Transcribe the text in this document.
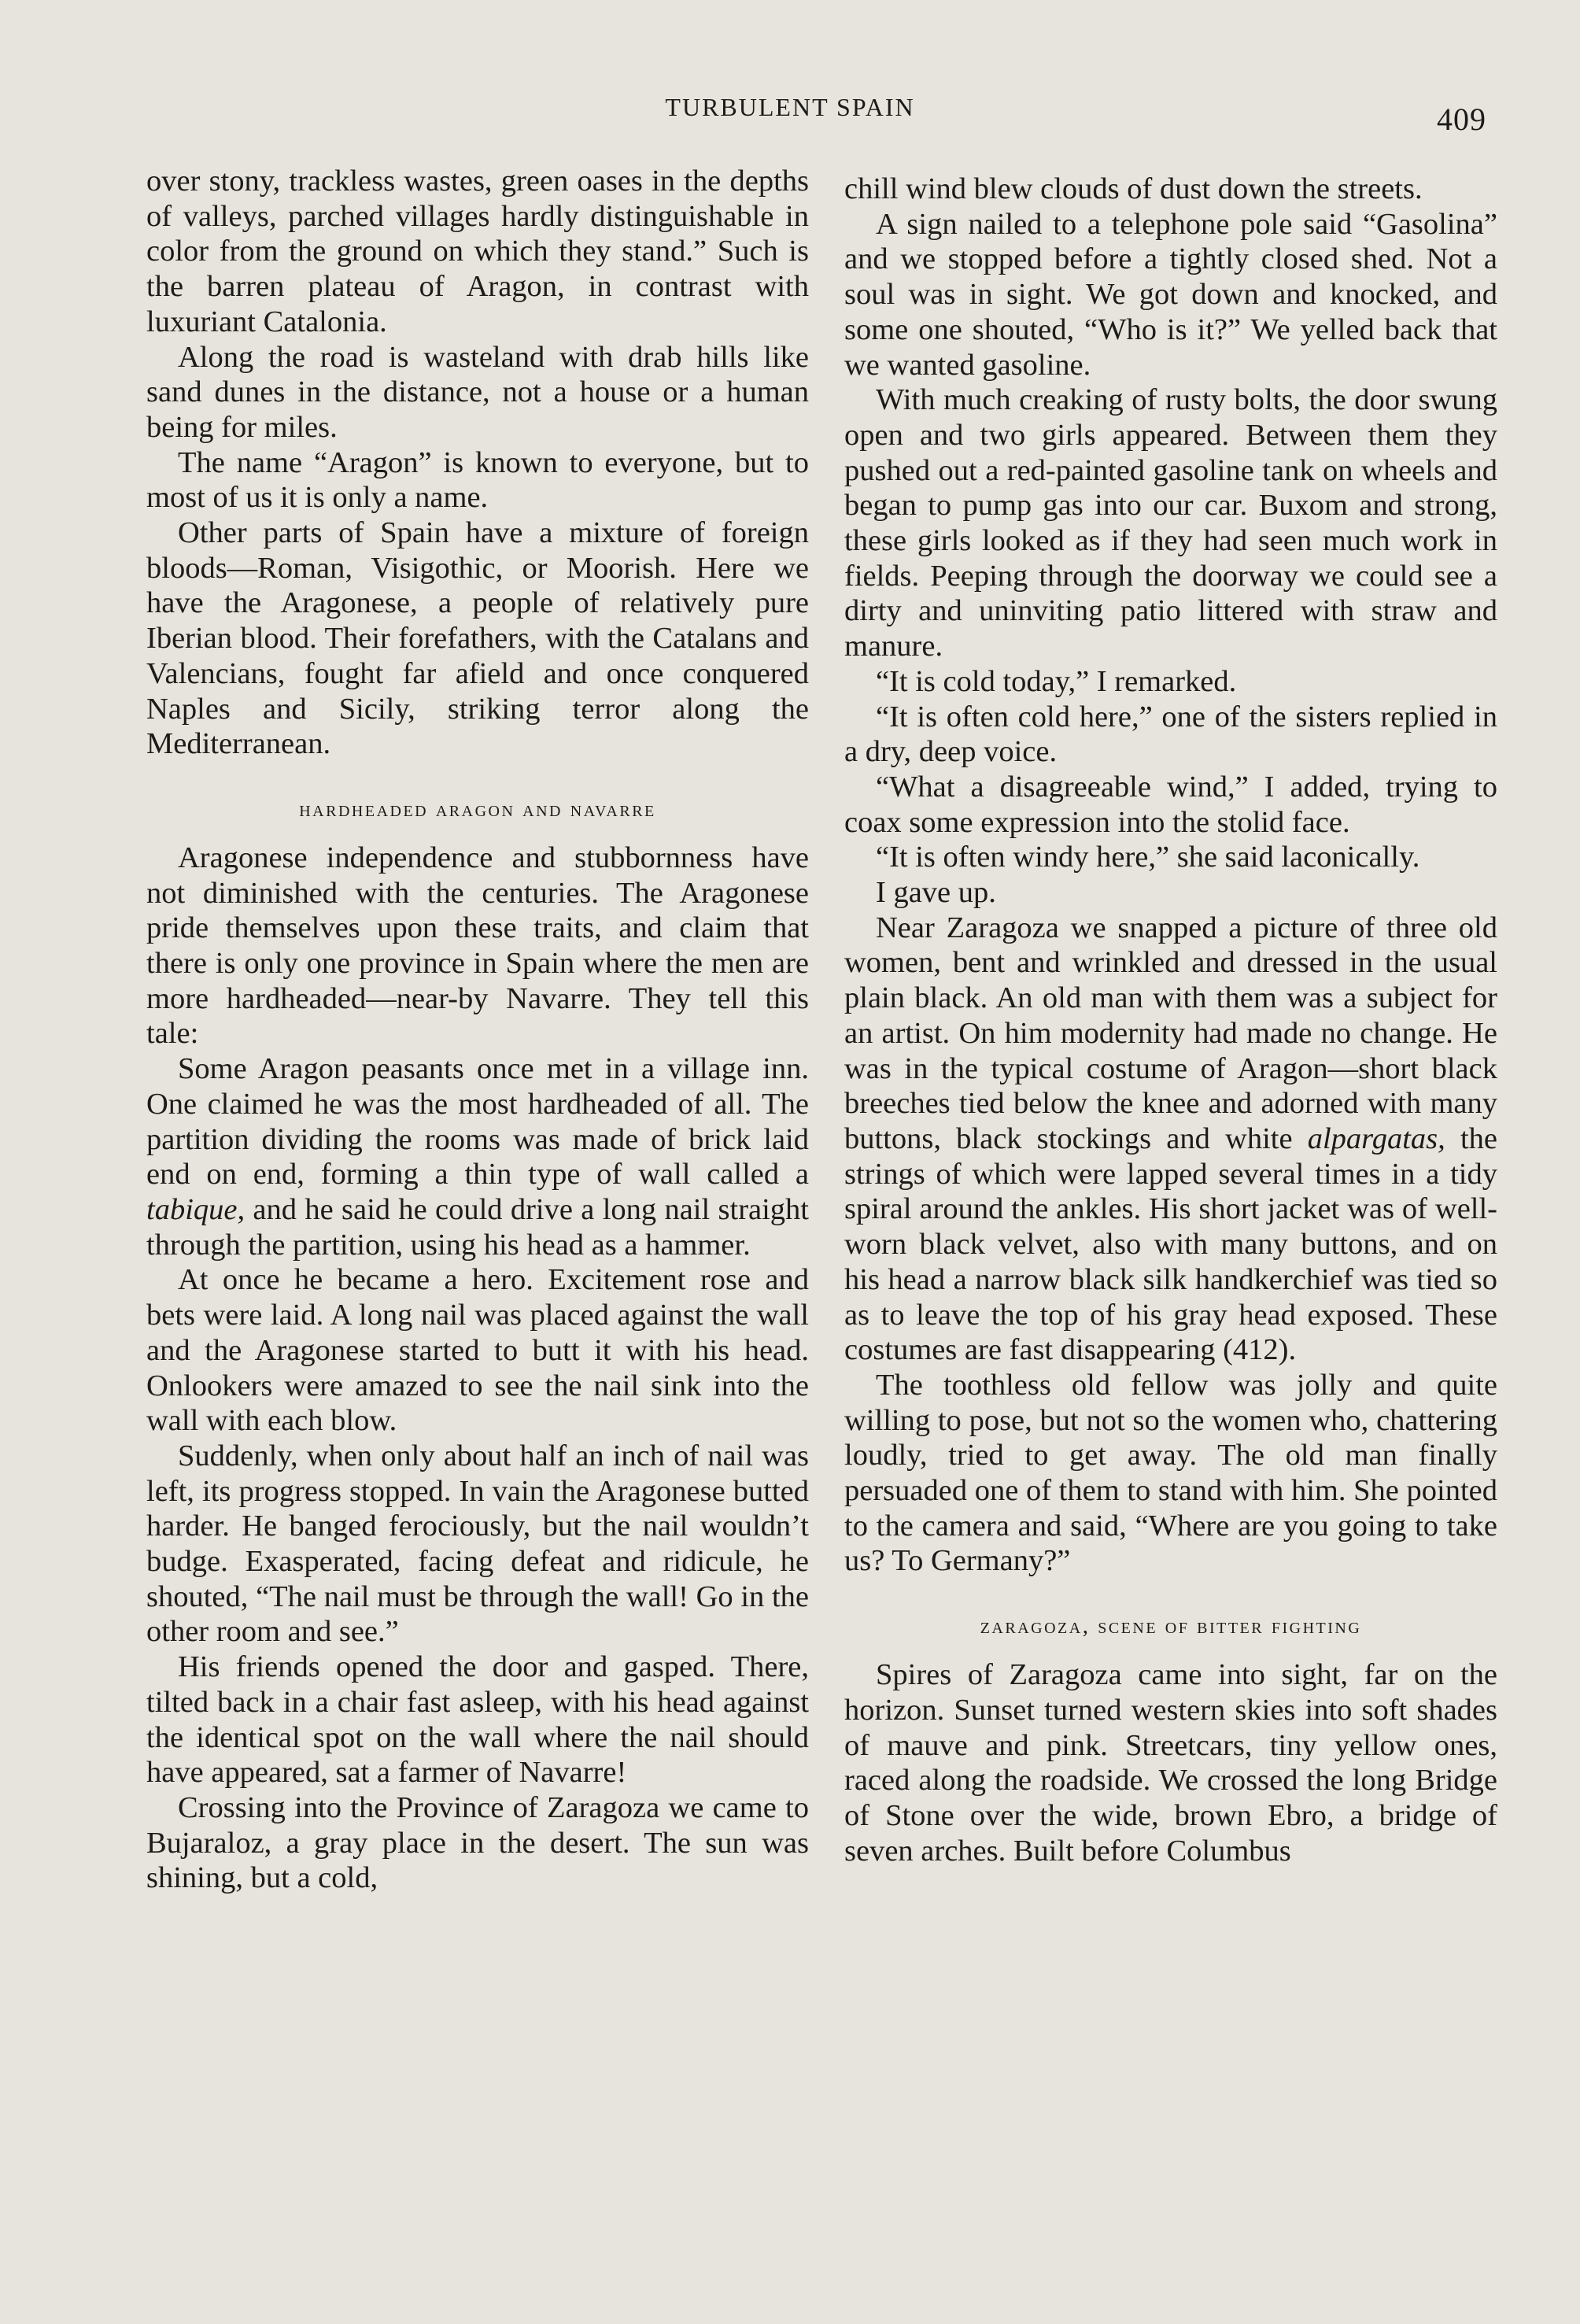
TURBULENT SPAIN	409

over stony, trackless wastes, green oases in the depths of valleys, parched villages hardly distinguishable in color from the ground on which they stand.” Such is the barren plateau of Aragon, in contrast with luxuriant Catalonia.

Along the road is wasteland with drab hills like sand dunes in the distance, not a house or a human being for miles.

The name “Aragon” is known to everyone, but to most of us it is only a name.

Other parts of Spain have a mixture of foreign bloods—Roman, Visigothic, or Moorish. Here we have the Aragonese, a people of relatively pure Iberian blood. Their forefathers, with the Catalans and Valencians, fought far afield and once conquered Naples and Sicily, striking terror along the Mediterranean.

hardheaded aragon and navarre

Aragonese independence and stubbornness have not diminished with the centuries. The Aragonese pride themselves upon these traits, and claim that there is only one province in Spain where the men are more hardheaded—near-by Navarre. They tell this tale:

Some Aragon peasants once met in a village inn. One claimed he was the most hardheaded of all. The partition dividing the rooms was made of brick laid end on end, forming a thin type of wall called a tabique, and he said he could drive a long nail straight through the partition, using his head as a hammer.

At once he became a hero. Excitement rose and bets were laid. A long nail was placed against the wall and the Aragonese started to butt it with his head. Onlookers were amazed to see the nail sink into the wall with each blow.

Suddenly, when only about half an inch of nail was left, its progress stopped. In vain the Aragonese butted harder. He banged ferociously, but the nail wouldn’t budge. Exasperated, facing defeat and ridicule, he shouted, “The nail must be through the wall! Go in the other room and see.”

His friends opened the door and gasped. There, tilted back in a chair fast asleep, with his head against the identical spot on the wall where the nail should have appeared, sat a farmer of Navarre!

Crossing into the Province of Zaragoza we came to Bujaraloz, a gray place in the desert. The sun was shining, but a cold,

chill wind blew clouds of dust down the streets.

A sign nailed to a telephone pole said “Gasolina” and we stopped before a tightly closed shed. Not a soul was in sight. We got down and knocked, and some one shouted, “Who is it?” We yelled back that we wanted gasoline.

With much creaking of rusty bolts, the door swung open and two girls appeared. Between them they pushed out a red-painted gasoline tank on wheels and began to pump gas into our car. Buxom and strong, these girls looked as if they had seen much work in fields. Peeping through the doorway we could see a dirty and uninviting patio littered with straw and manure.

“It is cold today,” I remarked.

“It is often cold here,” one of the sisters replied in a dry, deep voice.

“What a disagreeable wind,” I added, trying to coax some expression into the stolid face.

“It is often windy here,” she said laconically.

I gave up.

Near Zaragoza we snapped a picture of three old women, bent and wrinkled and dressed in the usual plain black. An old man with them was a subject for an artist. On him modernity had made no change. He was in the typical costume of Aragon—short black breeches tied below the knee and adorned with many buttons, black stockings and white alpargatas, the strings of which were lapped several times in a tidy spiral around the ankles. His short jacket was of well-worn black velvet, also with many buttons, and on his head a narrow black silk handkerchief was tied so as to leave the top of his gray head exposed. These costumes are fast disappearing (412).

The toothless old fellow was jolly and quite willing to pose, but not so the women who, chattering loudly, tried to get away. The old man finally persuaded one of them to stand with him. She pointed to the camera and said, “Where are you going to take us? To Germany?”

zaragoza, scene of bitter fighting

Spires of Zaragoza came into sight, far on the horizon. Sunset turned western skies into soft shades of mauve and pink. Streetcars, tiny yellow ones, raced along the roadside. We crossed the long Bridge of Stone over the wide, brown Ebro, a bridge of seven arches. Built before Columbus
